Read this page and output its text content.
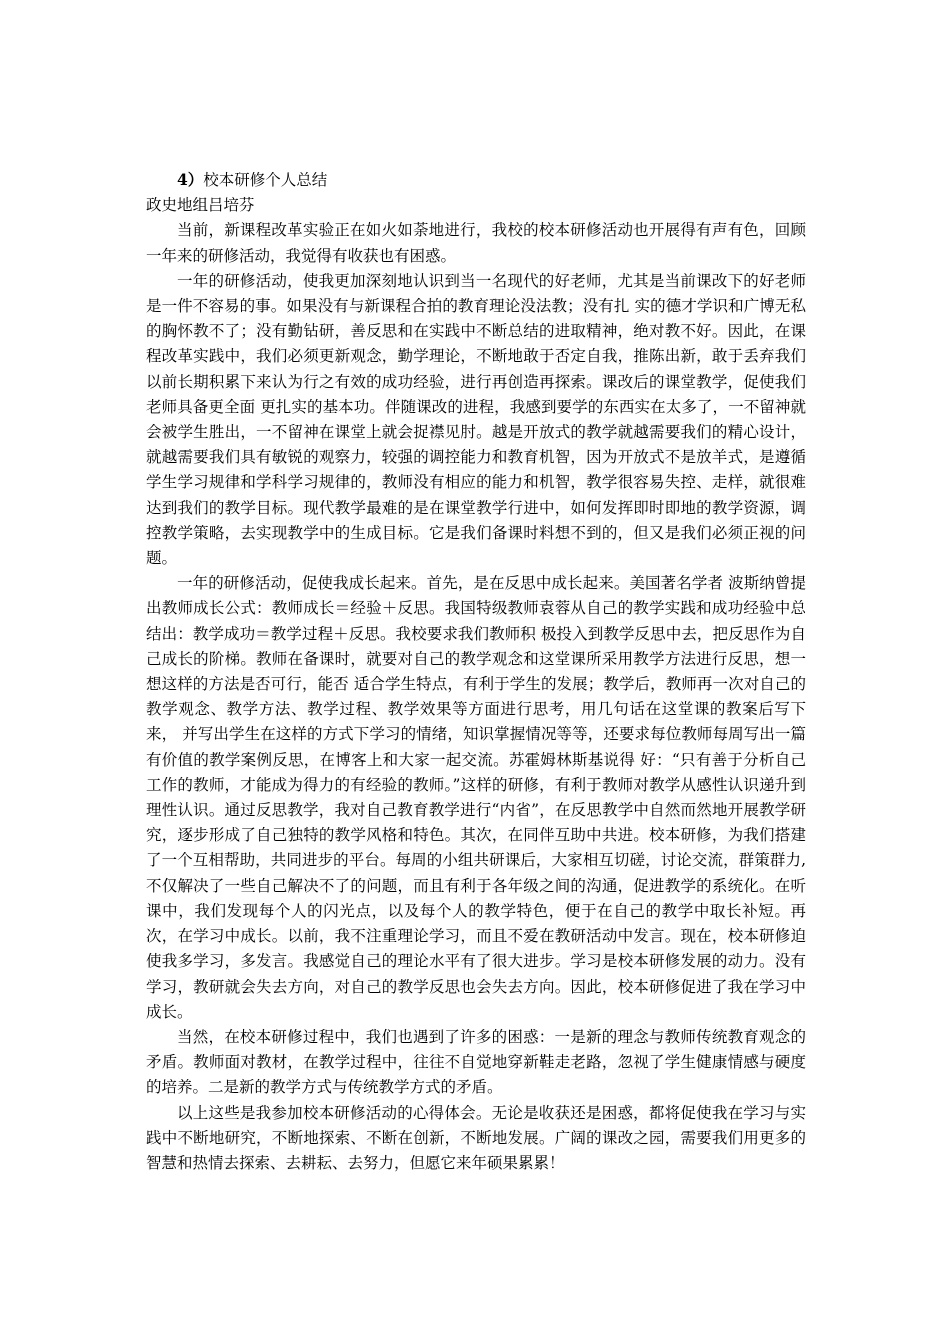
4）校本研修个人总结

政史地组吕培芬

当前，新课程改革实验正在如火如荼地进行，我校的校本研修活动也开展得有声有色，回顾一年来的研修活动，我觉得有收获也有困惑。

一年的研修活动，使我更加深刻地认识到当一名现代的好老师，尤其是当前课改下的好老师是一件不容易的事。如果没有与新课程合拍的教育理论没法教；没有扎 实的德才学识和广博无私的胸怀教不了；没有勤钻研，善反思和在实践中不断总结的进取精神，绝对教不好。因此，在课程改革实践中，我们必须更新观念，勤学理论，不断地敢于否定自我，推陈出新，敢于丢弃我们以前长期积累下来认为行之有效的成功经验，进行再创造再探索。课改后的课堂教学，促使我们老师具备更全面 更扎实的基本功。伴随课改的进程，我感到要学的东西实在太多了，一不留神就会被学生胜出，一不留神在课堂上就会捉襟见肘。越是开放式的教学就越需要我们的精心设计，就越需要我们具有敏锐的观察力，较强的调控能力和教育机智，因为开放式不是放羊式，是遵循学生学习规律和学科学习规律的，教师没有相应的能力和机智，教学很容易失控、走样，就很难达到我们的教学目标。现代教学最难的是在课堂教学行进中，如何发挥即时即地的教学资源，调控教学策略，去实现教学中的生成目标。它是我们备课时料想不到的，但又是我们必须正视的问题。

一年的研修活动，促使我成长起来。首先，是在反思中成长起来。美国著名学者 波斯纳曾提出教师成长公式：教师成长＝经验＋反思。我国特级教师袁蓉从自己的教学实践和成功经验中总结出：教学成功＝教学过程＋反思。我校要求我们教师积 极投入到教学反思中去，把反思作为自己成长的阶梯。教师在备课时，就要对自己的教学观念和这堂课所采用教学方法进行反思，想一想这样的方法是否可行，能否 适合学生特点，有利于学生的发展；教学后，教师再一次对自己的教学观念、教学方法、教学过程、教学效果等方面进行思考，用几句话在这堂课的教案后写下来， 并写出学生在这样的方式下学习的情绪，知识掌握情况等等，还要求每位教师每周写出一篇有价值的教学案例反思，在博客上和大家一起交流。苏霍姆林斯基说得 好：“只有善于分析自己工作的教师，才能成为得力的有经验的教师。”这样的研修，有利于教师对教学从感性认识递升到理性认识。通过反思教学，我对自己教育教学进行“内省”，在反思教学中自然而然地开展教学研究，逐步形成了自己独特的教学风格和特色。其次，在同伴互助中共进。校本研修，为我们搭建了一个互相帮助，共同进步的平台。每周的小组共研课后，大家相互切磋，讨论交流，群策群力,不仅解决了一些自己解决不了的问题，而且有利于各年级之间的沟通，促进教学的系统化。在听课中，我们发现每个人的闪光点，以及每个人的教学特色，便于在自己的教学中取长补短。再次，在学习中成长。以前，我不注重理论学习，而且不爱在教研活动中发言。现在，校本研修迫使我多学习，多发言。我感觉自己的理论水平有了很大进步。学习是校本研修发展的动力。没有学习，教研就会失去方向，对自己的教学反思也会失去方向。因此，校本研修促进了我在学习中成长。

当然，在校本研修过程中，我们也遇到了许多的困惑：一是新的理念与教师传统教育观念的矛盾。教师面对教材，在教学过程中，往往不自觉地穿新鞋走老路，忽视了学生健康情感与硬度的培养。二是新的教学方式与传统教学方式的矛盾。

以上这些是我参加校本研修活动的心得体会。无论是收获还是困惑，都将促使我在学习与实践中不断地研究，不断地探索、不断在创新，不断地发展。广阔的课改之园，需要我们用更多的智慧和热情去探索、去耕耘、去努力，但愿它来年硕果累累！
